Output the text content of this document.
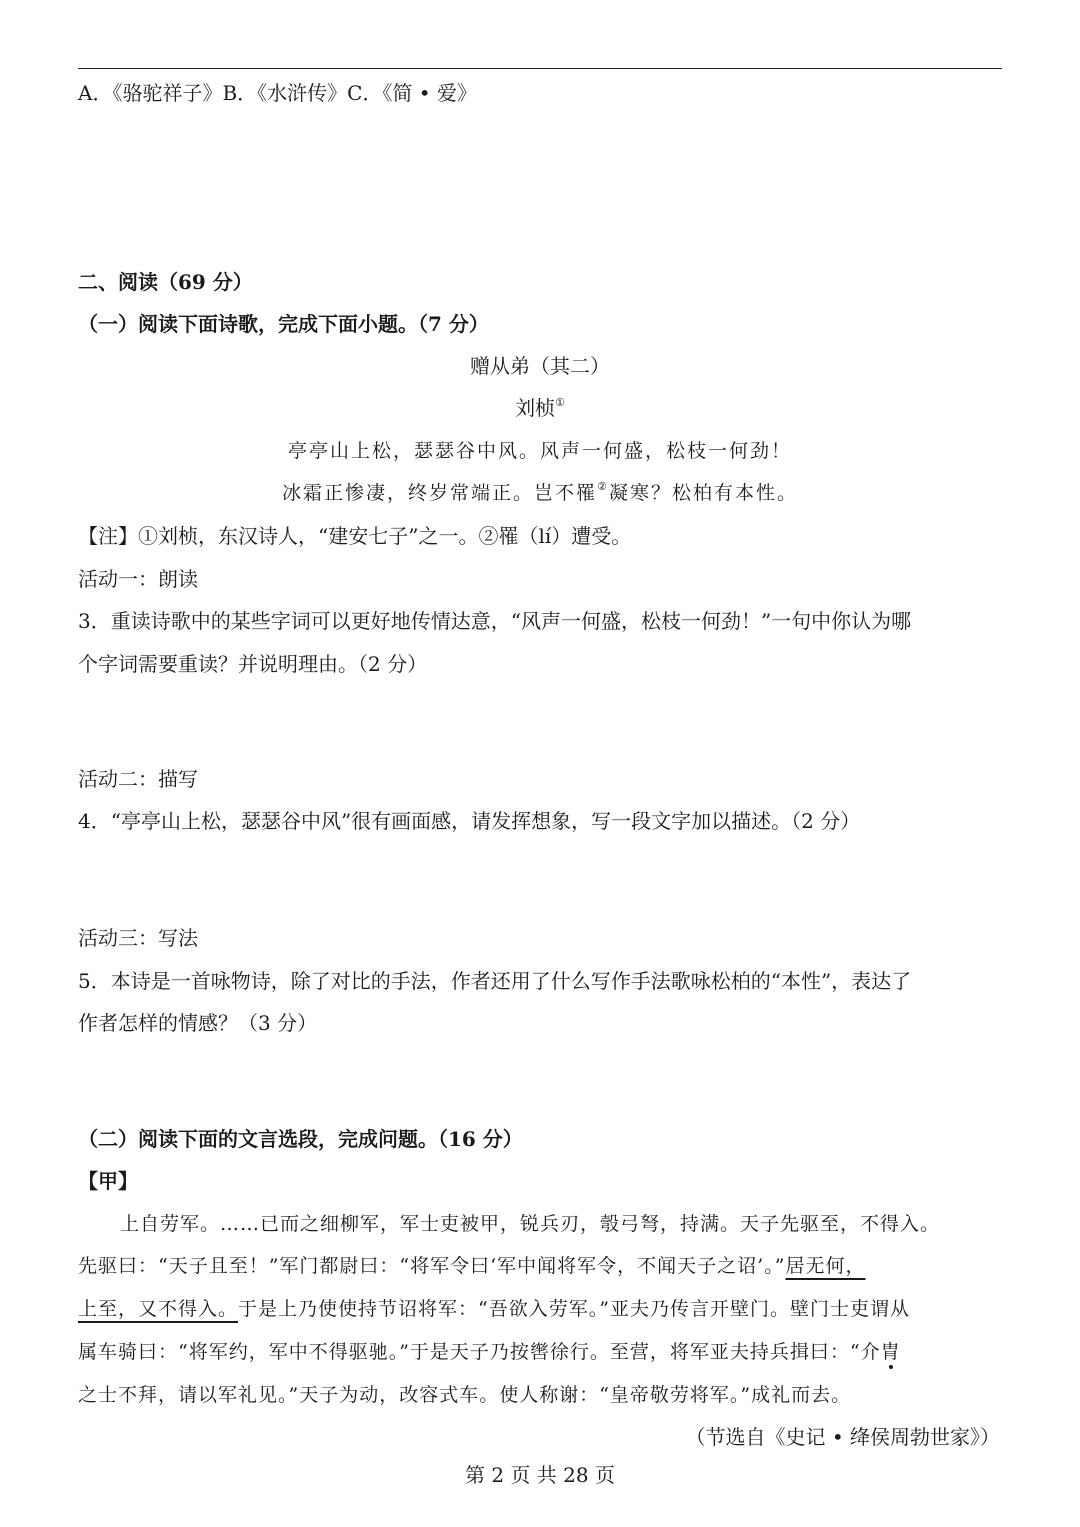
A．《骆驼祥子》B．《水浒传》C．《简 • 爱》
二、阅读（69 分）
（一）阅读下面诗歌，完成下面小题。（7 分）
赠从弟（其二）
刘桢①
亭亭山上松，瑟瑟谷中风。风声一何盛，松枝一何劲！
冰霜正惨凄，终岁常端正。岂不罹②凝寒？松柏有本性。
【注】①刘桢，东汉诗人，“建安七子”之一。②罹（lí）遭受。
活动一：朗读
3．重读诗歌中的某些字词可以更好地传情达意，“风声一何盛，松枝一何劲！”一句中你认为哪
个字词需要重读？并说明理由。（2 分）
活动二：描写
4．“亭亭山上松，瑟瑟谷中风”很有画面感，请发挥想象，写一段文字加以描述。（2 分）
活动三：写法
5．本诗是一首咏物诗，除了对比的手法，作者还用了什么写作手法歌咏松柏的“本性”，表达了
作者怎样的情感？（3 分）
（二）阅读下面的文言选段，完成问题。（16 分）
【甲】
上自劳军。……已而之细柳军，军士吏被甲，锐兵刃，彀弓弩，持满。天子先驱至，不得入。
先驱曰：“天子且至！”军门都尉曰：“将军令曰‘军中闻将军令，不闻天子之诏’。”居无何，
上至，又不得入。于是上乃使使持节诏将军：“吾欲入劳军。”亚夫乃传言开壁门。壁门士吏谓从
属车骑曰：“将军约，军中不得驱驰。”于是天子乃按辔徐行。至营，将军亚夫持兵揖曰：“介胄
之士不拜，请以军礼见。”天子为动，改容式车。使人称谢：“皇帝敬劳将军。”成礼而去。
（节选自《史记 • 绛侯周勃世家》）
第 2 页 共 28 页
